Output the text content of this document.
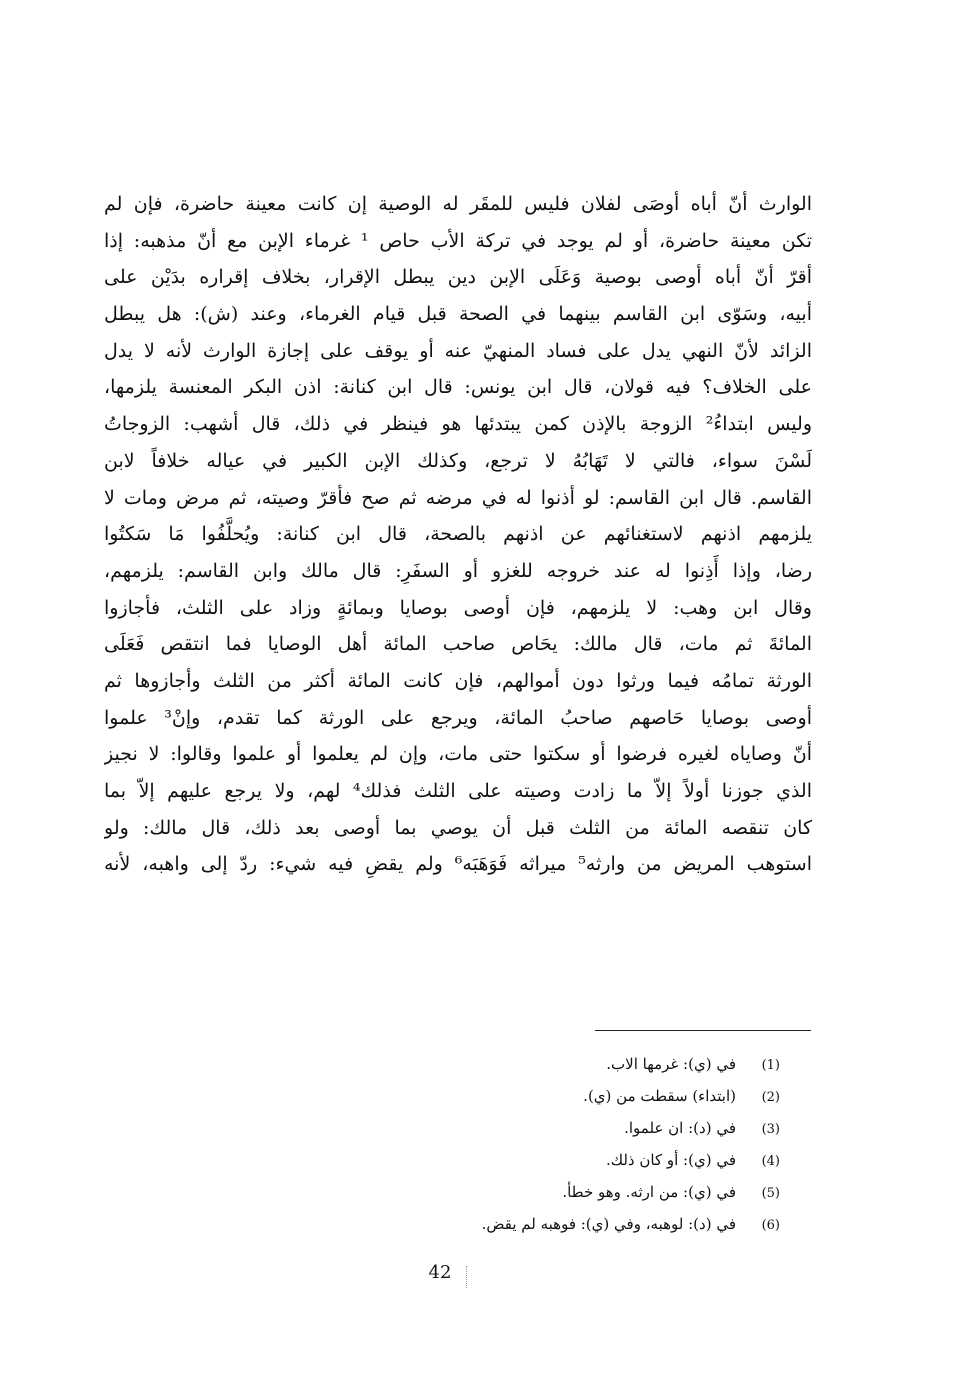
الوارث أنّ أباه أوصَى لفلان فليس للمقَر له الوصية إن كانت معينة حاضرة، فإن لم
تكن معينة حاضرة، أو لم يوجد في تركة الأب حاص ¹ غرماء الإبن مع أنّ مذهبه: إذا
أقرّ أنّ أباه أوصى بوصية وَعَلَى الإبن دين يبطل الإقرار، بخلاف إقراره بدَيْن على
أبيه، وسَوّى ابن القاسم بينهما في الصحة قبل قيام الغرماء، وعند (ش): هل يبطل
الزائد لأنّ النهي يدل على فساد المنهيّ عنه أو يوقف على إجازة الوارث لأنه لا يدل
على الخلاف؟ فيه قولان، قال ابن يونس: قال ابن كنانة: اذن البكر المعنسة يلزمها،
وليس ابتداءُ² الزوجة بالإذن كمن يبتدئها هو فينظر في ذلك، قال أشهب: الزوجاتُ
لَسْنَ سواء، فالتي لا تَهَابُهُ لا ترجع، وكذلك الإبن الكبير في عياله خلافاً لابن
القاسم. قال ابن القاسم: لو أذنوا له في مرضه ثم صح فأقرّ وصيته، ثم مرض ومات لا
يلزمهم اذنهم لاستغنائهم عن اذنهم بالصحة، قال ابن كنانة: ويُحلَّفُوا مَا سَكتُوا
رضا، وإذا أَذِنوا له عند خروجه للغزو أو السفَرِ: قال مالك وابن القاسم: يلزمهم،
وقال ابن وهب: لا يلزمهم، فإن أوصى بوصايا وبمائةٍ وزاد على الثلث، فأجازوا
المائةَ ثم مات، قال مالك: يحَاص صاحب المائة أهل الوصايا فما انتقص فَعَلَى
الورثة تمامُه فيما ورثوا دون أموالهم، فإن كانت المائة أكثر من الثلث وأجازوها ثم
أوصى بوصايا حَاصهم صاحبُ المائة، ويرجع على الورثة كما تقدم، وإنْ³ علموا
أنّ وصاياه لغيره فرضوا أو سكتوا حتى مات، وإن لم يعلموا أو علموا وقالوا: لا نجيز
الذي جوزنا أولاً إلاّ ما زادت وصيته على الثلث فذلك⁴ لهم، ولا يرجع عليهم إلاّ بما
كان تنقصه المائة من الثلث قبل أن يوصي بما أوصى بعد ذلك، قال مالك: ولو
استوهب المريض من وارثه⁵ ميراثه فَوَهَبَه⁶ ولم يقضِ فيه شيء: ردّ إلى واهبه، لأنه
(1)
في (ي): غرمها الاب.
(2)
(ابتداء) سقطت من (ي).
(3)
في (د): ان علموا.
(4)
في (ي): أو كان ذلك.
(5)
في (ي): من ارثه. وهو خطأ.
(6)
في (د): لوهبه، وفي (ي): فوهبه لم يقض.
42
